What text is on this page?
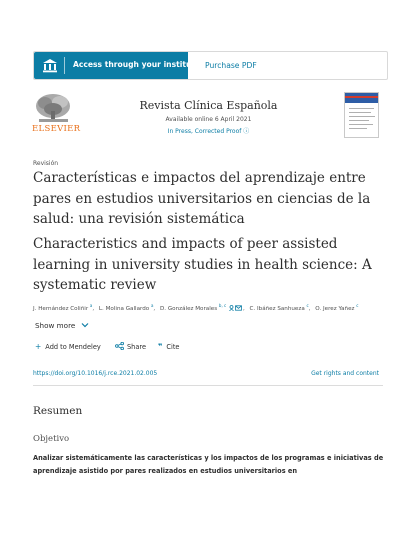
Access through your institution
Purchase PDF
ELSEVIER
Revista Clínica Española
Available online 6 April 2021
In Press, Corrected Proof ⓘ
Revisión
Características e impactos del aprendizaje entre pares en estudios universitarios en ciencias de la salud: una revisión sistemática
Characteristics and impacts of peer assisted learning in university studies in health science: A systematic review
J. Hernández Coliñir $^a$, L. Molina Gallardo $^a$, D. González Morales $^{b, c}$ , C. Ibáñez Sanhueza $^c$, O. Jerez Yañez $^c$
Show more
+ Add to Mendeley	Share ❞ Cite
https://doi.org/10.1016/j.rce.2021.02.005	Get rights and content
Resumen
Objetivo
Analizar sistemáticamente las características y los impactos de los programas e iniciativas de aprendizaje asistido por pares realizados en estudios universitarios en
